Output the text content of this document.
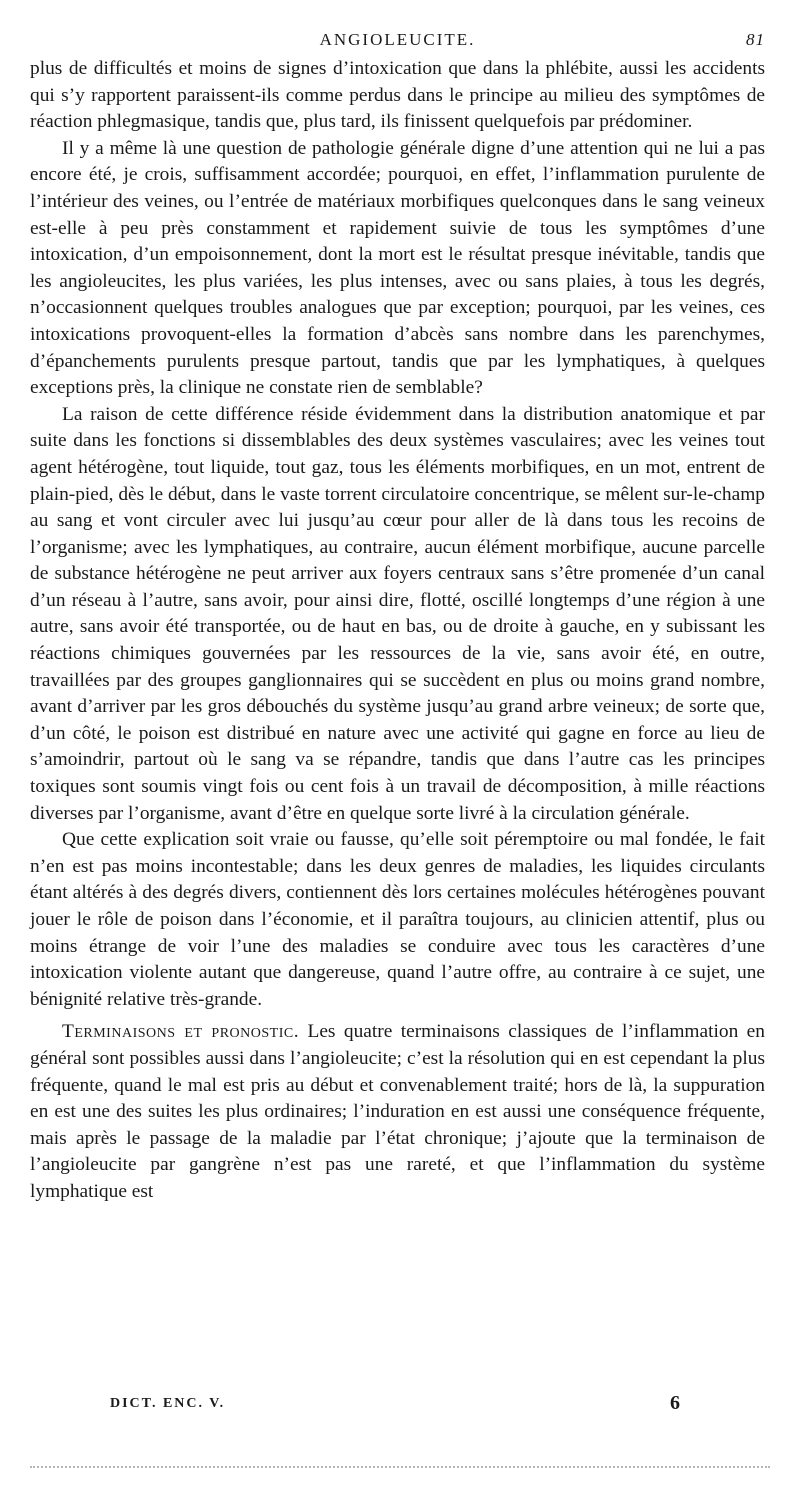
ANGIOLEUCITE.	81

plus de difficultés et moins de signes d’intoxication que dans la phlébite, aussi les accidents qui s’y rapportent paraissent-ils comme perdus dans le principe au milieu des symptômes de réaction phlegmasique, tandis que, plus tard, ils finissent quelquefois par prédominer.

Il y a même là une question de pathologie générale digne d’une attention qui ne lui a pas encore été, je crois, suffisamment accordée; pourquoi, en effet, l’inflammation purulente de l’intérieur des veines, ou l’entrée de matériaux morbifiques quelconques dans le sang veineux est-elle à peu près constamment et rapidement suivie de tous les symptômes d’une intoxication, d’un empoisonnement, dont la mort est le résultat presque inévitable, tandis que les angioleucites, les plus variées, les plus intenses, avec ou sans plaies, à tous les degrés, n’occasionnent quelques troubles analogues que par exception; pourquoi, par les veines, ces intoxications provoquent-elles la formation d’abcès sans nombre dans les parenchymes, d’épanchements purulents presque partout, tandis que par les lymphatiques, à quelques exceptions près, la clinique ne constate rien de semblable?

La raison de cette différence réside évidemment dans la distribution anatomique et par suite dans les fonctions si dissemblables des deux systèmes vasculaires; avec les veines tout agent hétérogène, tout liquide, tout gaz, tous les éléments morbifiques, en un mot, entrent de plain-pied, dès le début, dans le vaste torrent circulatoire concentrique, se mêlent sur-le-champ au sang et vont circuler avec lui jusqu’au cœur pour aller de là dans tous les recoins de l’organisme; avec les lymphatiques, au contraire, aucun élément morbifique, aucune parcelle de substance hétérogène ne peut arriver aux foyers centraux sans s’être promenée d’un canal d’un réseau à l’autre, sans avoir, pour ainsi dire, flotté, oscillé longtemps d’une région à une autre, sans avoir été transportée, ou de haut en bas, ou de droite à gauche, en y subissant les réactions chimiques gouvernées par les ressources de la vie, sans avoir été, en outre, travaillées par des groupes ganglionnaires qui se succèdent en plus ou moins grand nombre, avant d’arriver par les gros débouchés du système jusqu’au grand arbre veineux; de sorte que, d’un côté, le poison est distribué en nature avec une activité qui gagne en force au lieu de s’amoindrir, partout où le sang va se répandre, tandis que dans l’autre cas les principes toxiques sont soumis vingt fois ou cent fois à un travail de décomposition, à mille réactions diverses par l’organisme, avant d’être en quelque sorte livré à la circulation générale.

Que cette explication soit vraie ou fausse, qu’elle soit péremptoire ou mal fondée, le fait n’en est pas moins incontestable; dans les deux genres de maladies, les liquides circulants étant altérés à des degrés divers, contiennent dès lors certaines molécules hétérogènes pouvant jouer le rôle de poison dans l’économie, et il paraîtra toujours, au clinicien attentif, plus ou moins étrange de voir l’une des maladies se conduire avec tous les caractères d’une intoxication violente autant que dangereuse, quand l’autre offre, au contraire à ce sujet, une bénignité relative très-grande.

Terminaisons et pronostic. Les quatre terminaisons classiques de l’inflammation en général sont possibles aussi dans l’angioleucite; c’est la résolution qui en est cependant la plus fréquente, quand le mal est pris au début et convenablement traité; hors de là, la suppuration en est une des suites les plus ordinaires; l’induration en est aussi une conséquence fréquente, mais après le passage de la maladie par l’état chronique; j’ajoute que la terminaison de l’angioleucite par gangrène n’est pas une rareté, et que l’inflammation du système lymphatique est

DICT. ENC. V.	6
